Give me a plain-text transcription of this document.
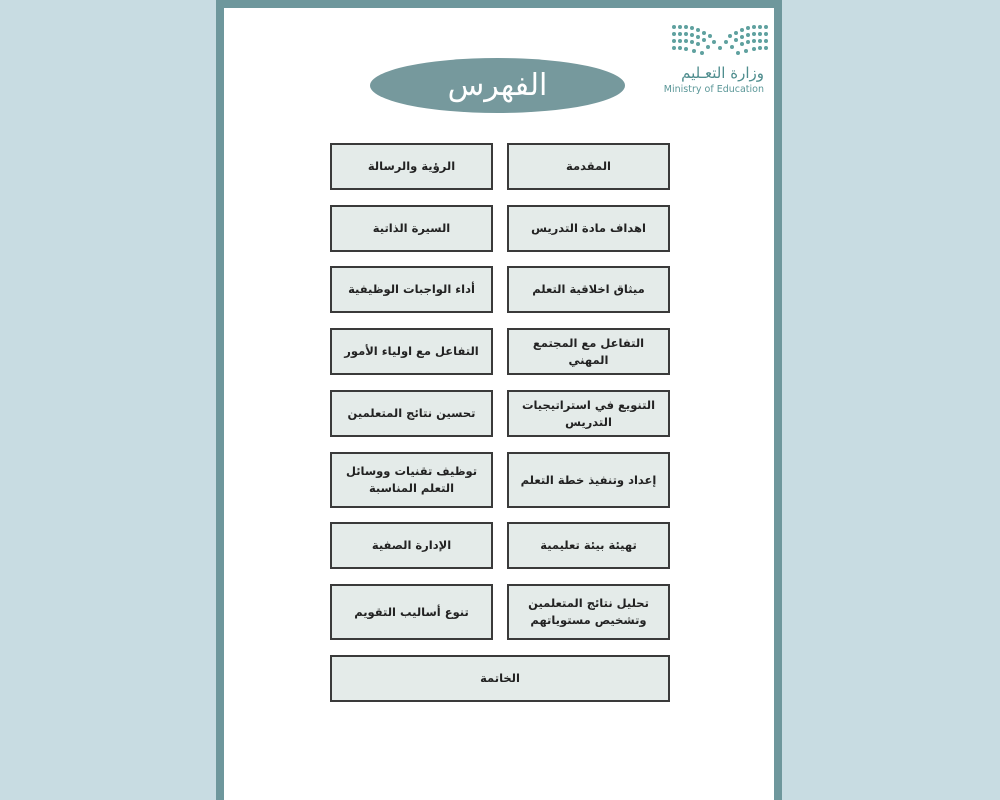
وزارة التعـليم
Ministry of Education
الفهرس
المقدمة
اهداف مادة التدريس
ميثاق اخلاقية التعلم
التفاعل مع المجتمع المهني
التنويع في استراتيجيات التدريس
إعداد وتنفيذ خطة التعلم
تهيئة بيئة تعليمية
تحليل نتائج المتعلمين وتشخيص مستوياتهم
الرؤية والرسالة
السيرة الذاتية
أداء الواجبات الوظيفية
التفاعل مع اولياء الأمور
تحسين نتائج المتعلمين
توظيف تقنيات ووسائل التعلم المناسبة
الإدارة الصفية
تنوع أساليب التقويم
الخاتمة
